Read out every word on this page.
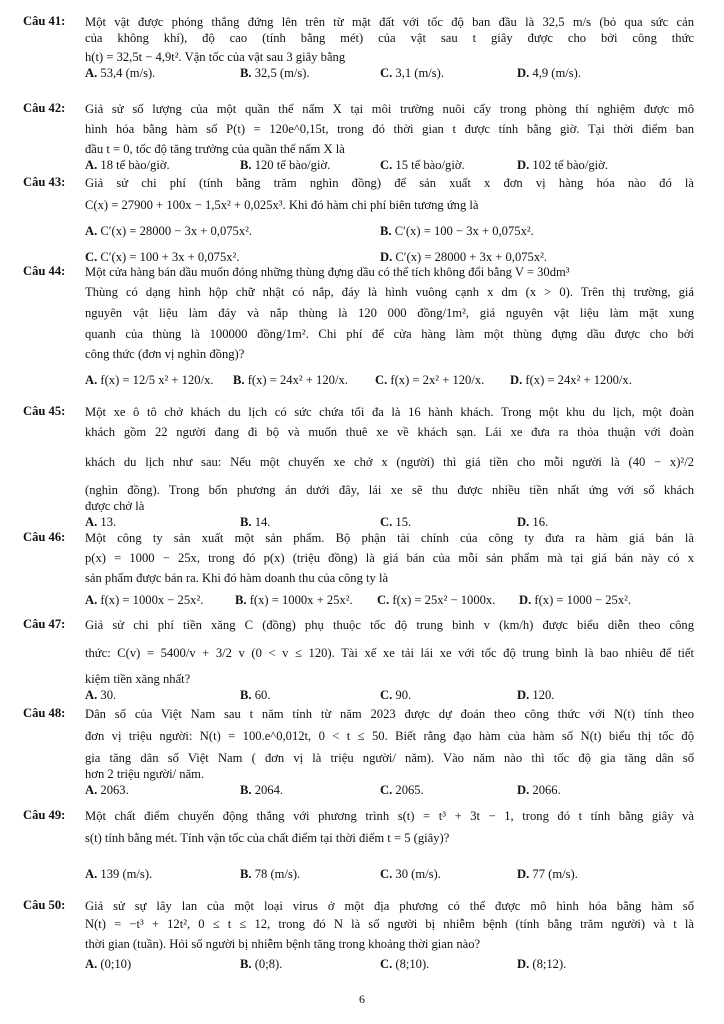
Câu 41: Một vật được phóng thẳng đứng lên trên từ mặt đất với tốc độ ban đầu là 32,5 m/s (bỏ qua sức cản
của không khí), độ cao (tính bằng mét) của vật sau t giây được cho bởi công thức
h(t) = 32,5t − 4,9t². Vận tốc của vật sau 3 giây bằng
A. 53,4 (m/s).	B. 32,5 (m/s).	C. 3,1 (m/s).	D. 4,9 (m/s).
Câu 42: Giả sử số lượng của một quần thể nấm X tại môi trường nuôi cấy trong phòng thí nghiệm được mô
hình hóa bằng hàm số P(t) = 120e^0,15t, trong đó thời gian t được tính bằng giờ. Tại thời điểm ban
đầu t = 0, tốc độ tăng trưởng của quần thể nấm X là
A. 18 tế bào/giờ.	B. 120 tế bào/giờ.	C. 15 tế bào/giờ.	D. 102 tế bào/giờ.
Câu 43: Giả sử chi phí (tính bằng trăm nghìn đồng) để sản xuất x đơn vị hàng hóa nào đó là
C(x) = 27900 + 100x − 1,5x² + 0,025x³. Khi đó hàm chi phí biên tương ứng là
A. C′(x) = 28000 − 3x + 0,075x².	B. C′(x) = 100 − 3x + 0,075x².
C. C′(x) = 100 + 3x + 0,075x².	D. C′(x) = 28000 + 3x + 0,075x².
Câu 44: Một cửa hàng bán dầu muốn đóng những thùng đựng dầu có thể tích không đổi bằng V = 30dm³
Thùng có dạng hình hộp chữ nhật có nắp, đáy là hình vuông cạnh x dm (x > 0). Trên thị trường, giá
nguyên vật liệu làm đáy và nắp thùng là 120 000 đồng/1m², giá nguyên vật liệu làm mặt xung
quanh của thùng là 100000 đồng/1m². Chi phí để cửa hàng làm một thùng đựng dầu được cho bởi
công thức (đơn vị nghìn đồng)?
A. f(x) = 12/5 x² + 120/x. B. f(x) = 24x² + 120/x. C. f(x) = 2x² + 120/x. D. f(x) = 24x² + 1200/x.
Câu 45: Một xe ô tô chở khách du lịch có sức chứa tối đa là 16 hành khách. Trong một khu du lịch, một đoàn
khách gồm 22 người đang đi bộ và muốn thuê xe về khách sạn. Lái xe đưa ra thỏa thuận với đoàn
khách du lịch như sau: Nếu một chuyến xe chở x (người) thì giá tiền cho mỗi người là (40 − x)²/2
(nghìn đồng). Trong bốn phương án dưới đây, lái xe sẽ thu được nhiều tiền nhất ứng với số khách
được chở là
A. 13.	B. 14.	C. 15.	D. 16.
Câu 46: Một công ty sản xuất một sản phẩm. Bộ phận tài chính của công ty đưa ra hàm giá bán là
p(x) = 1000 − 25x, trong đó p(x) (triệu đồng) là giá bán của mỗi sản phẩm mà tại giá bán này có x
sản phẩm được bán ra. Khi đó hàm doanh thu của công ty là
A. f(x) = 1000x − 25x².	B. f(x) = 1000x + 25x². C. f(x) = 25x² − 1000x. D. f(x) = 1000 − 25x².
Câu 47: Giả sử chi phí tiền xăng C (đồng) phụ thuộc tốc độ trung bình v (km/h) được biểu diễn theo công
thức: C(v) = 5400/v + 3/2 v (0 < v ≤ 120). Tài xế xe tải lái xe với tốc độ trung bình là bao nhiêu để tiết
kiệm tiền xăng nhất?
A. 30.	B. 60.	C. 90.	D. 120.
Câu 48: Dân số của Việt Nam sau t năm tính từ năm 2023 được dự đoán theo công thức với N(t) tính theo
đơn vị triệu người: N(t) = 100.e^0,012t, 0 < t ≤ 50. Biết rằng đạo hàm của hàm số N(t) biểu thị tốc độ
gia tăng dân số Việt Nam ( đơn vị là triệu người/ năm). Vào năm nào thì tốc độ gia tăng dân số
hơn 2 triệu người/ năm.
A. 2063.	B. 2064.	C. 2065.	D. 2066.
Câu 49: Một chất điểm chuyển động thẳng với phương trình s(t) = t³ + 3t − 1, trong đó t tính bằng giây và
s(t) tính bằng mét. Tính vận tốc của chất điểm tại thời điểm t = 5 (giây)?
A. 139 (m/s).	B. 78 (m/s).	C. 30 (m/s).	D. 77 (m/s).
Câu 50: Giả sử sự lây lan của một loại virus ở một địa phương có thể được mô hình hóa bằng hàm số
N(t) = −t³ + 12t², 0 ≤ t ≤ 12, trong đó N là số người bị nhiễm bệnh (tính bằng trăm người) và t là
thời gian (tuần). Hỏi số người bị nhiễm bệnh tăng trong khoảng thời gian nào?
A. (0;10)	B. (0;8).	C. (8;10).	D. (8;12).
6
